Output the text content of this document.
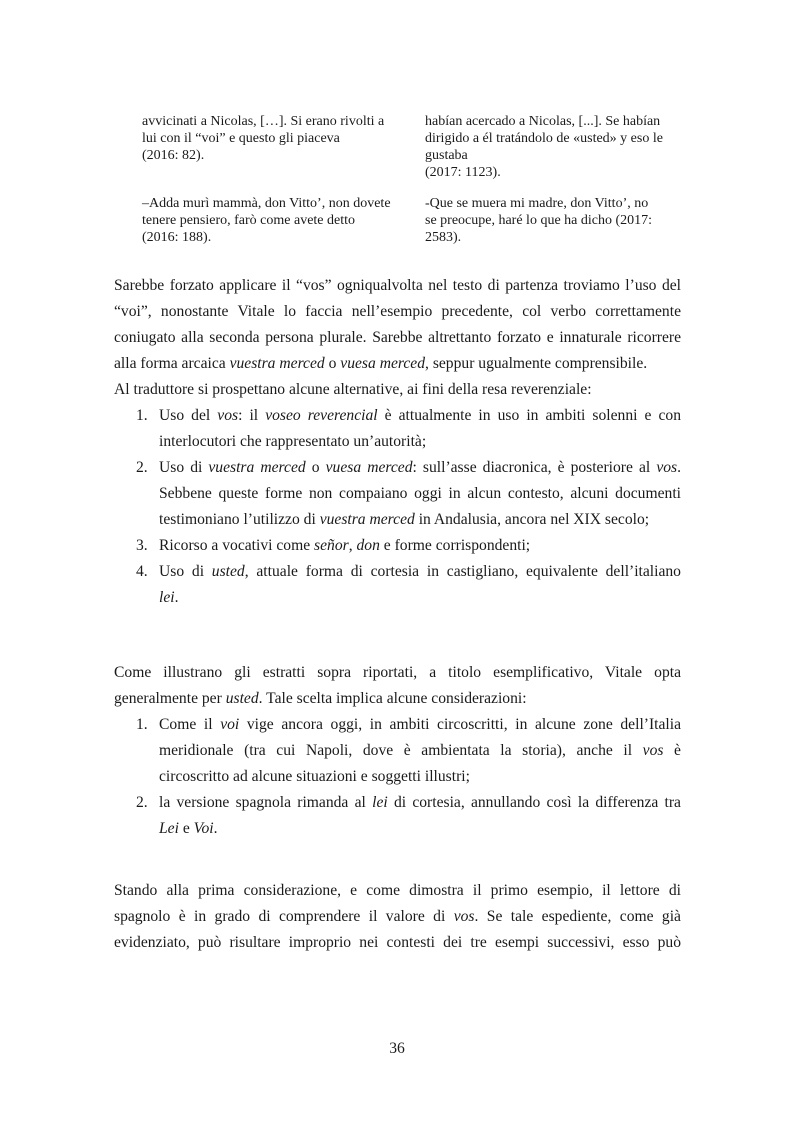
avvicinati a Nicolas, […]. Si erano rivolti a
lui con il “voi” e questo gli piaceva
(2016: 82).
habían acercado a Nicolas, [...]. Se habían
dirigido a él tratándolo de «usted» y eso le
gustaba
(2017: 1123).
–Adda murì mammà, don Vitto’, non dovete
tenere pensiero, farò come avete detto
(2016: 188).
-Que se muera mi madre, don Vitto’, no
se preocupe, haré lo que ha dicho (2017:
2583).
Sarebbe forzato applicare il “vos” ogniqualvolta nel testo di partenza troviamo l’uso del
“voi”, nonostante Vitale lo faccia nell’esempio precedente, col verbo correttamente
coniugato alla seconda persona plurale. Sarebbe altrettanto forzato e innaturale ricorrere
alla forma arcaica vuestra merced o vuesa merced, seppur ugualmente comprensibile.
Al traduttore si prospettano alcune alternative, ai fini della resa reverenziale:
1. Uso del vos: il voseo reverencial è attualmente in uso in ambiti solenni e con
interlocutori che rappresentato un’autorità;
2. Uso di vuestra merced o vuesa merced: sull’asse diacronica, è posteriore al vos.
Sebbene queste forme non compaiano oggi in alcun contesto, alcuni documenti
testimoniano l’utilizzo di vuestra merced in Andalusia, ancora nel XIX secolo;
3. Ricorso a vocativi come señor, don e forme corrispondenti;
4. Uso di usted, attuale forma di cortesia in castigliano, equivalente dell’italiano
lei.
Come illustrano gli estratti sopra riportati, a titolo esemplificativo, Vitale opta
generalmente per usted. Tale scelta implica alcune considerazioni:
1. Come il voi vige ancora oggi, in ambiti circoscritti, in alcune zone dell’Italia
meridionale (tra cui Napoli, dove è ambientata la storia), anche il vos è
circoscritto ad alcune situazioni e soggetti illustri;
2. la versione spagnola rimanda al lei di cortesia, annullando così la differenza tra
Lei e Voi.
Stando alla prima considerazione, e come dimostra il primo esempio, il lettore di
spagnolo è in grado di comprendere il valore di vos. Se tale espediente, come già
evidenziato, può risultare improprio nei contesti dei tre esempi successivi, esso può
36
